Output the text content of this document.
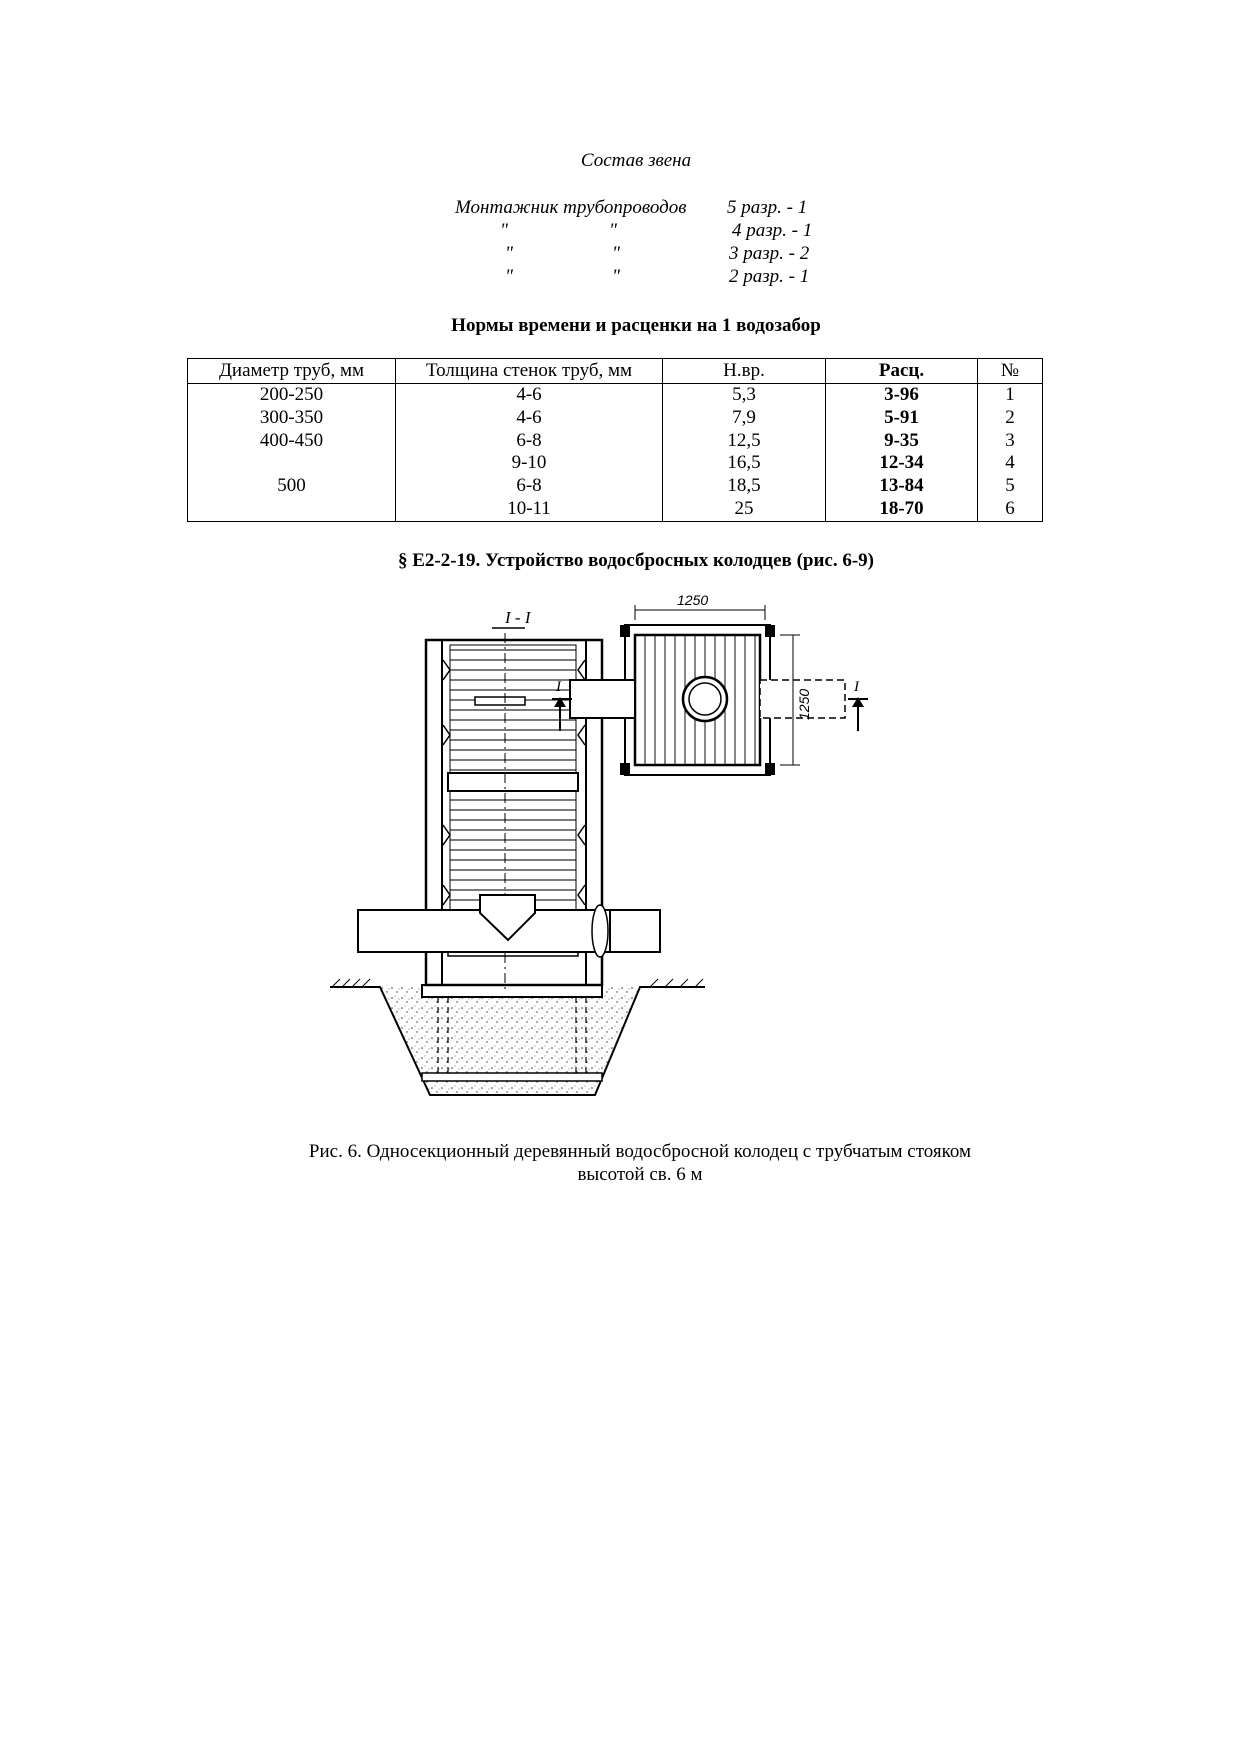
Состав звена
Монтажник трубопроводов 5 разр. - 1
"	"	4 разр. - 1
"	"	3 разр. - 2
"	"	2 разр. - 1
Нормы времени и расценки на 1 водозабор
Диаметр труб, мм	Толщина стенок труб, мм	Н.вр.	Расц.	№
200-250	4-6	5,3	3-96	1
300-350	4-6	7,9	5-91	2
400-450	6-8	12,5	9-35	3
	9-10	16,5	12-34	4
500	6-8	18,5	13-84	5
	10-11	25	18-70	6
§ Е2-2-19. Устройство водосбросных колодцев (рис. 6-9)
I - I
1250
1250
I	I
Рис. 6. Односекционный деревянный водосбросной колодец с трубчатым стояком
высотой св. 6 м
